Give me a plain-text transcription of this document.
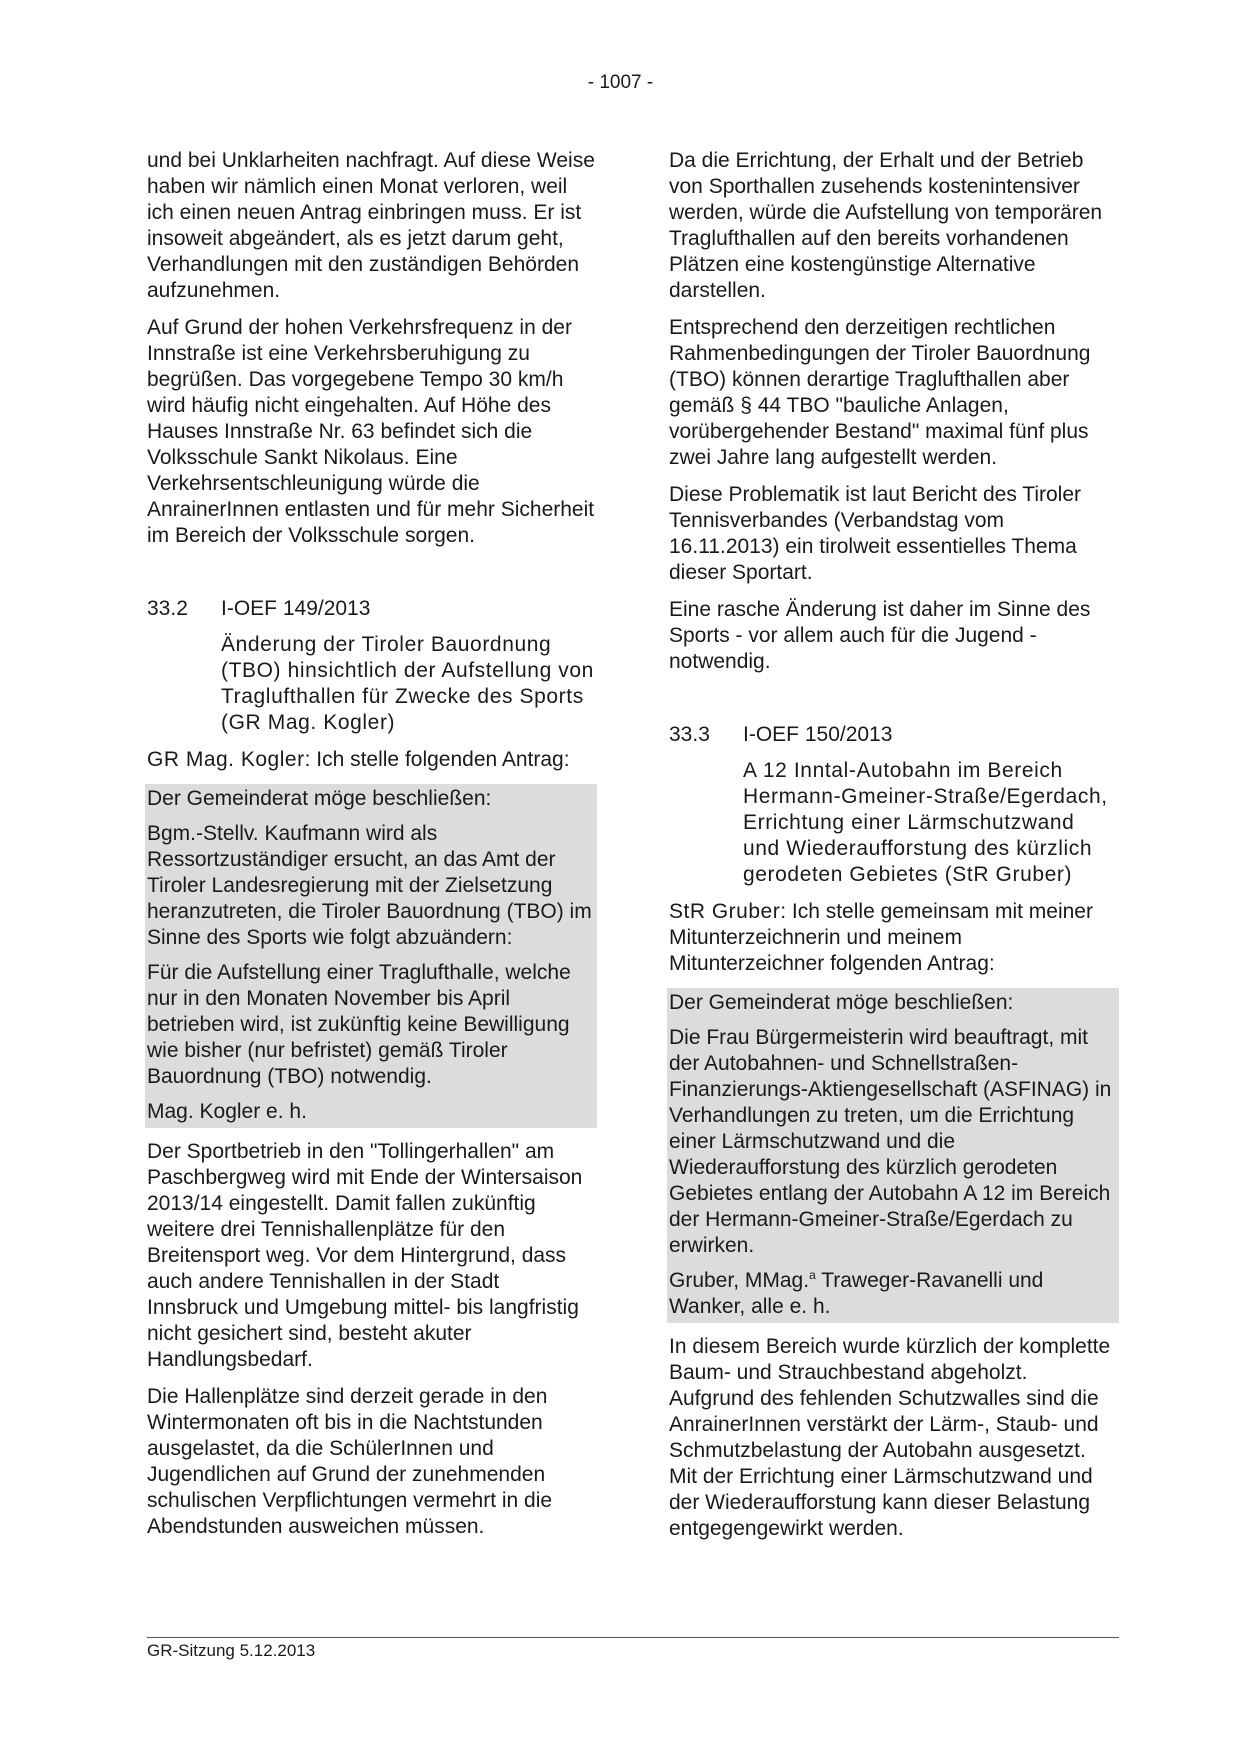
- 1007 -

und bei Unklarheiten nachfragt. Auf diese Weise haben wir nämlich einen Monat verloren, weil ich einen neuen Antrag einbringen muss. Er ist insoweit abgeändert, als es jetzt darum geht, Verhandlungen mit den zuständigen Behörden aufzunehmen.

Auf Grund der hohen Verkehrsfrequenz in der Innstraße ist eine Verkehrsberuhigung zu begrüßen. Das vorgegebene Tempo 30 km/h wird häufig nicht eingehalten. Auf Höhe des Hauses Innstraße Nr. 63 befindet sich die Volksschule Sankt Nikolaus. Eine Verkehrsentschleunigung würde die AnrainerInnen entlasten und für mehr Sicherheit im Bereich der Volksschule sorgen.

33.2 I-OEF 149/2013
Änderung der Tiroler Bauordnung (TBO) hinsichtlich der Aufstellung von Traglufthallen für Zwecke des Sports (GR Mag. Kogler)

GR Mag. Kogler: Ich stelle folgenden Antrag:

Der Gemeinderat möge beschließen:

Bgm.-Stellv. Kaufmann wird als Ressortzuständiger ersucht, an das Amt der Tiroler Landesregierung mit der Zielsetzung heranzutreten, die Tiroler Bauordnung (TBO) im Sinne des Sports wie folgt abzuändern:

Für die Aufstellung einer Traglufthalle, welche nur in den Monaten November bis April betrieben wird, ist zukünftig keine Bewilligung wie bisher (nur befristet) gemäß Tiroler Bauordnung (TBO) notwendig.

Mag. Kogler e. h.

Der Sportbetrieb in den "Tollingerhallen" am Paschbergweg wird mit Ende der Wintersaison 2013/14 eingestellt. Damit fallen zukünftig weitere drei Tennishallenplätze für den Breitensport weg. Vor dem Hintergrund, dass auch andere Tennishallen in der Stadt Innsbruck und Umgebung mittel- bis langfristig nicht gesichert sind, besteht akuter Handlungsbedarf.

Die Hallenplätze sind derzeit gerade in den Wintermonaten oft bis in die Nachtstunden ausgelastet, da die SchülerInnen und Jugendlichen auf Grund der zunehmenden schulischen Verpflichtungen vermehrt in die Abendstunden ausweichen müssen.

Da die Errichtung, der Erhalt und der Betrieb von Sporthallen zusehends kostenintensiver werden, würde die Aufstellung von temporären Traglufthallen auf den bereits vorhandenen Plätzen eine kostengünstige Alternative darstellen.

Entsprechend den derzeitigen rechtlichen Rahmenbedingungen der Tiroler Bauordnung (TBO) können derartige Traglufthallen aber gemäß § 44 TBO "bauliche Anlagen, vorübergehender Bestand" maximal fünf plus zwei Jahre lang aufgestellt werden.

Diese Problematik ist laut Bericht des Tiroler Tennisverbandes (Verbandstag vom 16.11.2013) ein tirolweit essentielles Thema dieser Sportart.

Eine rasche Änderung ist daher im Sinne des Sports - vor allem auch für die Jugend - notwendig.

33.3 I-OEF 150/2013
A 12 Inntal-Autobahn im Bereich Hermann-Gmeiner-Straße/Egerdach, Errichtung einer Lärmschutzwand und Wiederaufforstung des kürzlich gerodeten Gebietes (StR Gruber)

StR Gruber: Ich stelle gemeinsam mit meiner Mitunterzeichnerin und meinem Mitunterzeichner folgenden Antrag:

Der Gemeinderat möge beschließen:

Die Frau Bürgermeisterin wird beauftragt, mit der Autobahnen- und Schnellstraßen-Finanzierungs-Aktiengesellschaft (ASFINAG) in Verhandlungen zu treten, um die Errichtung einer Lärmschutzwand und die Wiederaufforstung des kürzlich gerodeten Gebietes entlang der Autobahn A 12 im Bereich der Hermann-Gmeiner-Straße/Egerdach zu erwirken.

Gruber, MMag.$^a$ Traweger-Ravanelli und Wanker, alle e. h.

In diesem Bereich wurde kürzlich der komplette Baum- und Strauchbestand abgeholzt. Aufgrund des fehlenden Schutzwalles sind die AnrainerInnen verstärkt der Lärm-, Staub- und Schmutzbelastung der Autobahn ausgesetzt. Mit der Errichtung einer Lärmschutzwand und der Wiederaufforstung kann dieser Belastung entgegengewirkt werden.

GR-Sitzung 5.12.2013
